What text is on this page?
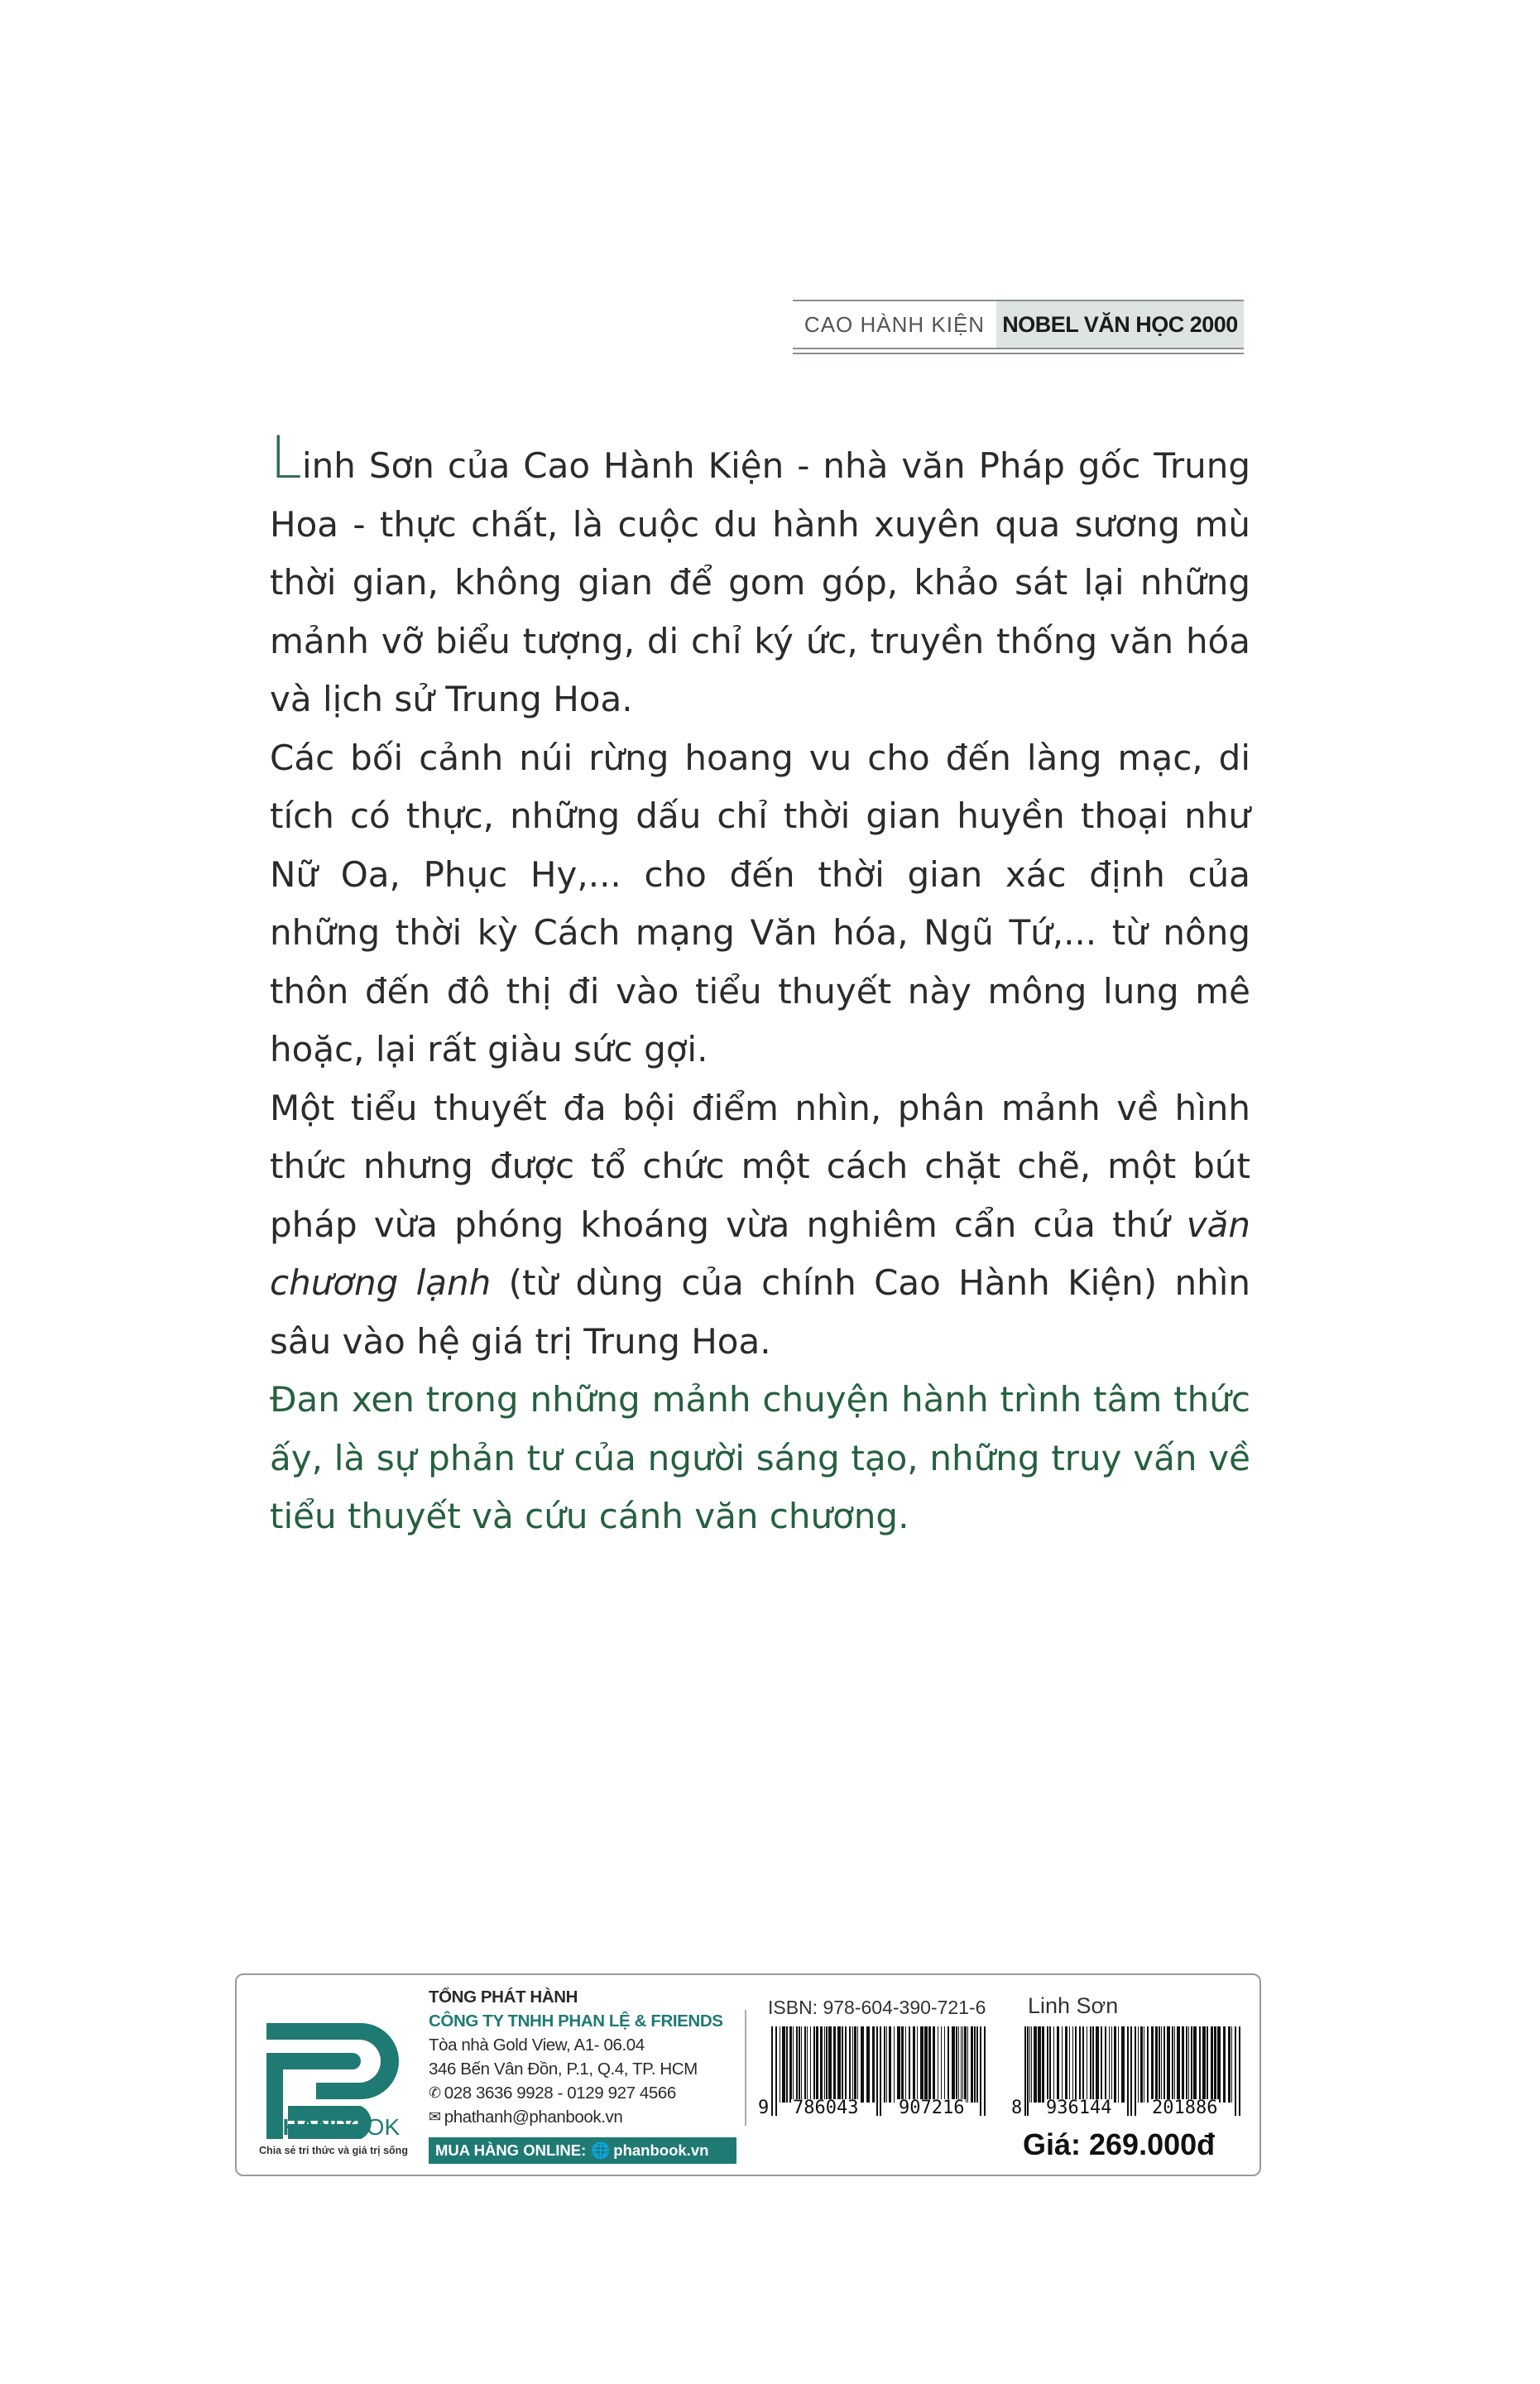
CAO HÀNH KIỆN NOBEL VĂN HỌC 2000

Linh Sơn của Cao Hành Kiện - nhà văn Pháp gốc Trung Hoa - thực chất, là cuộc du hành xuyên qua sương mù thời gian, không gian để gom góp, khảo sát lại những mảnh vỡ biểu tượng, di chỉ ký ức, truyền thống văn hóa và lịch sử Trung Hoa.

Các bối cảnh núi rừng hoang vu cho đến làng mạc, di tích có thực, những dấu chỉ thời gian huyền thoại như Nữ Oa, Phục Hy,... cho đến thời gian xác định của những thời kỳ Cách mạng Văn hóa, Ngũ Tứ,... từ nông thôn đến đô thị đi vào tiểu thuyết này mông lung mê hoặc, lại rất giàu sức gợi.

Một tiểu thuyết đa bội điểm nhìn, phân mảnh về hình thức nhưng được tổ chức một cách chặt chẽ, một bút pháp vừa phóng khoáng vừa nghiêm cẩn của thứ văn chương lạnh (từ dùng của chính Cao Hành Kiện) nhìn sâu vào hệ giá trị Trung Hoa.

Đan xen trong những mảnh chuyện hành trình tâm thức ấy, là sự phản tư của người sáng tạo, những truy vấn về tiểu thuyết và cứu cánh văn chương.

PHANBOOK
Chia sẻ tri thức và giá trị sống
TỔNG PHÁT HÀNH
CÔNG TY TNHH PHAN LỆ & FRIENDS
Tòa nhà Gold View, A1- 06.04
346 Bến Vân Đồn, P.1, Q.4, TP. HCM
✆ 028 3636 9928 - 0129 927 4566
✉ phathanh@phanbook.vn
MUA HÀNG ONLINE: 🌐 phanbook.vn
ISBN: 978-604-390-721-6 Linh Sơn
9 786043 907216	8 936144 201886
Giá: 269.000đ
